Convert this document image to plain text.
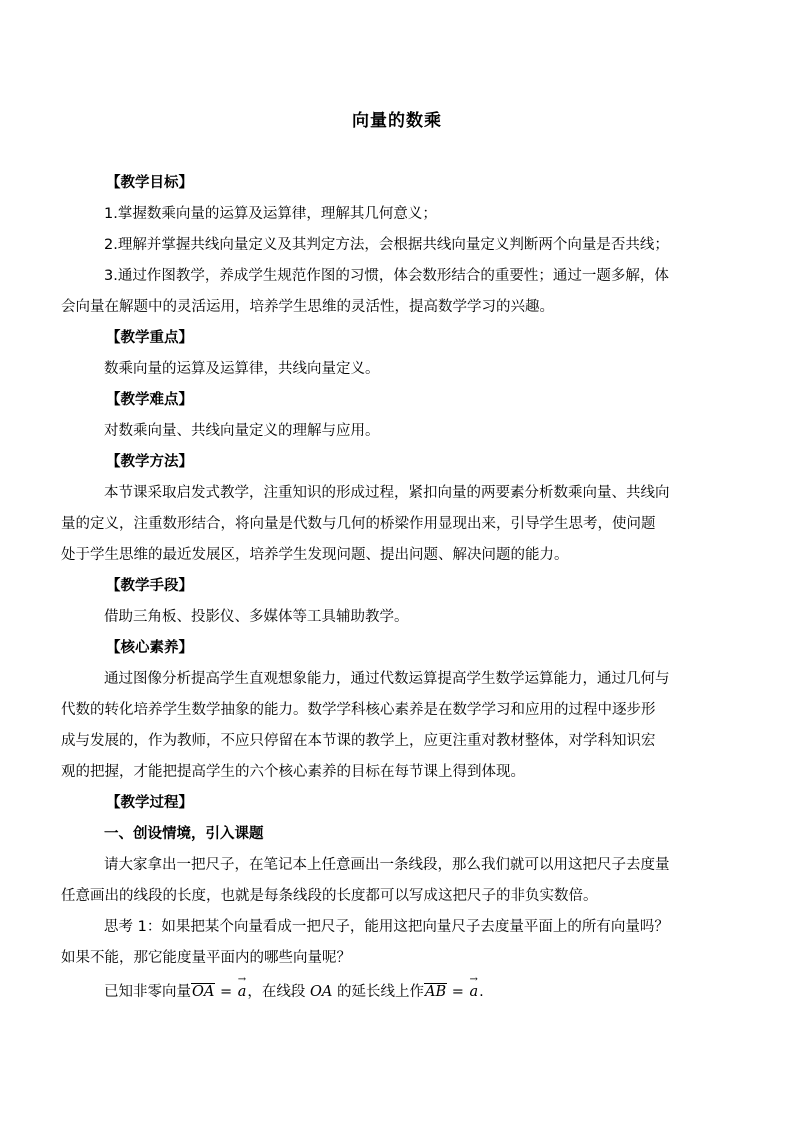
向量的数乘
【教学目标】
1.掌握数乘向量的运算及运算律，理解其几何意义；
2.理解并掌握共线向量定义及其判定方法，会根据共线向量定义判断两个向量是否共线；
3.通过作图教学，养成学生规范作图的习惯，体会数形结合的重要性；通过一题多解，体
会向量在解题中的灵活运用，培养学生思维的灵活性，提高数学学习的兴趣。
【教学重点】
数乘向量的运算及运算律，共线向量定义。
【教学难点】
对数乘向量、共线向量定义的理解与应用。
【教学方法】
本节课采取启发式教学，注重知识的形成过程，紧扣向量的两要素分析数乘向量、共线向
量的定义，注重数形结合，将向量是代数与几何的桥梁作用显现出来，引导学生思考，使问题
处于学生思维的最近发展区，培养学生发现问题、提出问题、解决问题的能力。
【教学手段】
借助三角板、投影仪、多媒体等工具辅助教学。
【核心素养】
通过图像分析提高学生直观想象能力，通过代数运算提高学生数学运算能力，通过几何与
代数的转化培养学生数学抽象的能力。数学学科核心素养是在数学学习和应用的过程中逐步形
成与发展的，作为教师，不应只停留在本节课的教学上，应更注重对教材整体，对学科知识宏
观的把握，才能把提高学生的六个核心素养的目标在每节课上得到体现。
【教学过程】
一、创设情境，引入课题
请大家拿出一把尺子，在笔记本上任意画出一条线段，那么我们就可以用这把尺子去度量
任意画出的线段的长度，也就是每条线段的长度都可以写成这把尺子的非负实数倍。
思考 1：如果把某个向量看成一把尺子，能用这把向量尺子去度量平面上的所有向量吗？
如果不能，那它能度量平面内的哪些向量呢？
已知非零向量OA = → a，在线段 OA 的延长线上作AB = → a.
